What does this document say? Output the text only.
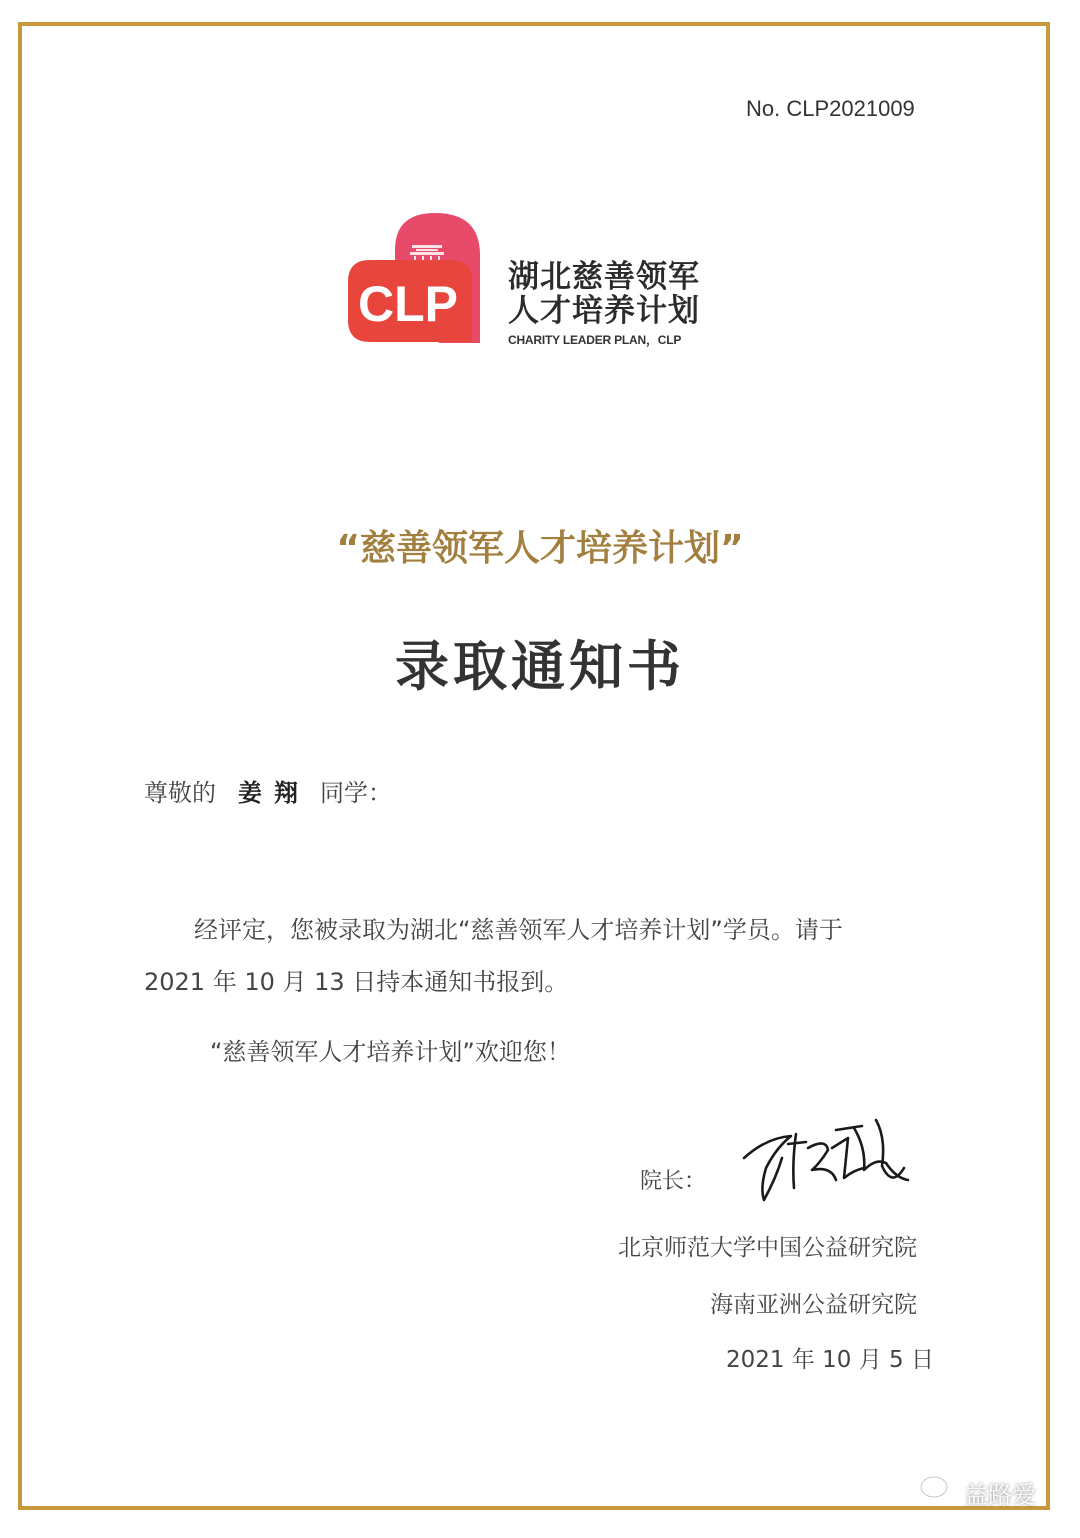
No. CLP2021009
CLP 湖北慈善领军
人才培养计划
CHARITY LEADER PLAN，CLP
“慈善领军人才培养计划”
录取通知书
尊敬的 姜翔 同学：
经评定，您被录取为湖北“慈善领军人才培养计划”学员。请于
2021 年 10 月 13 日持本通知书报到。
“慈善领军人才培养计划”欢迎您！
院长：
北京师范大学中国公益研究院
海南亚洲公益研究院
2021 年 10 月 5 日
益路爱
